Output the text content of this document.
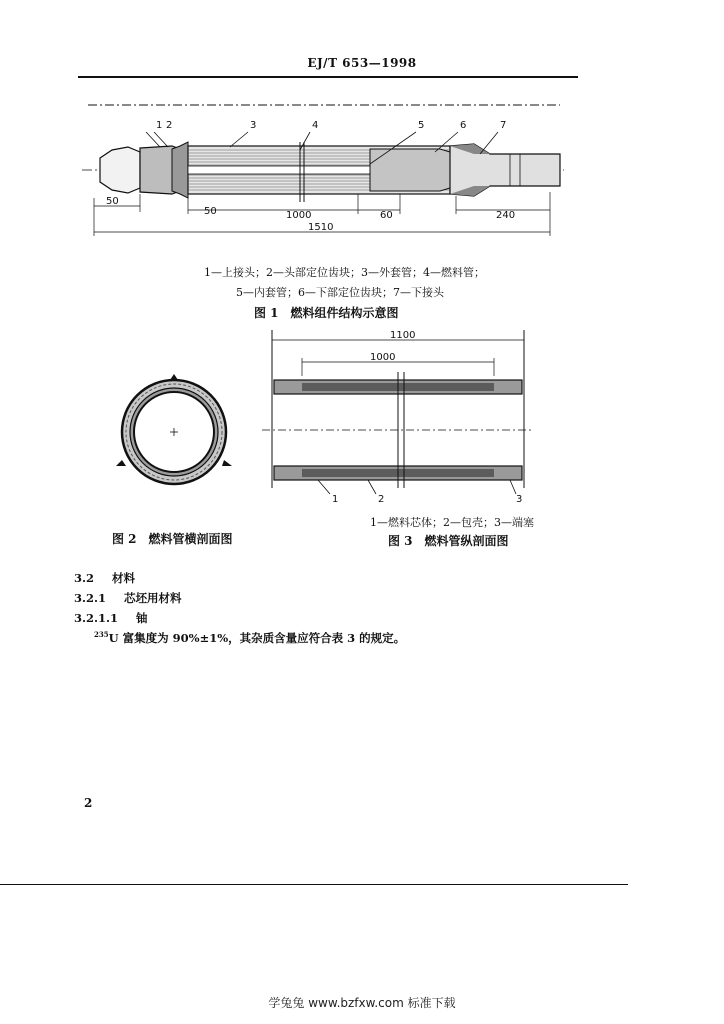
EJ/T 653—1998
1 2	3	4	5	6	7
50
50	1000	60	240
1510
1—上接头；2—头部定位齿块；3—外套管；4—燃料管；
5—内套管；6—下部定位齿块；7—下接头
图 1　燃料组件结构示意图
图 2　燃料管横剖面图
1100
1000
1	2	3
1—燃料芯体；2—包壳；3—端塞
图 3　燃料管纵剖面图
3.2 材料
3.2.1 芯坯用材料
3.2.1.1 铀
$^{235}$U 富集度为 90%±1%，其杂质含量应符合表 3 的规定。
2
学兔兔 www.bzfxw.com 标准下载
